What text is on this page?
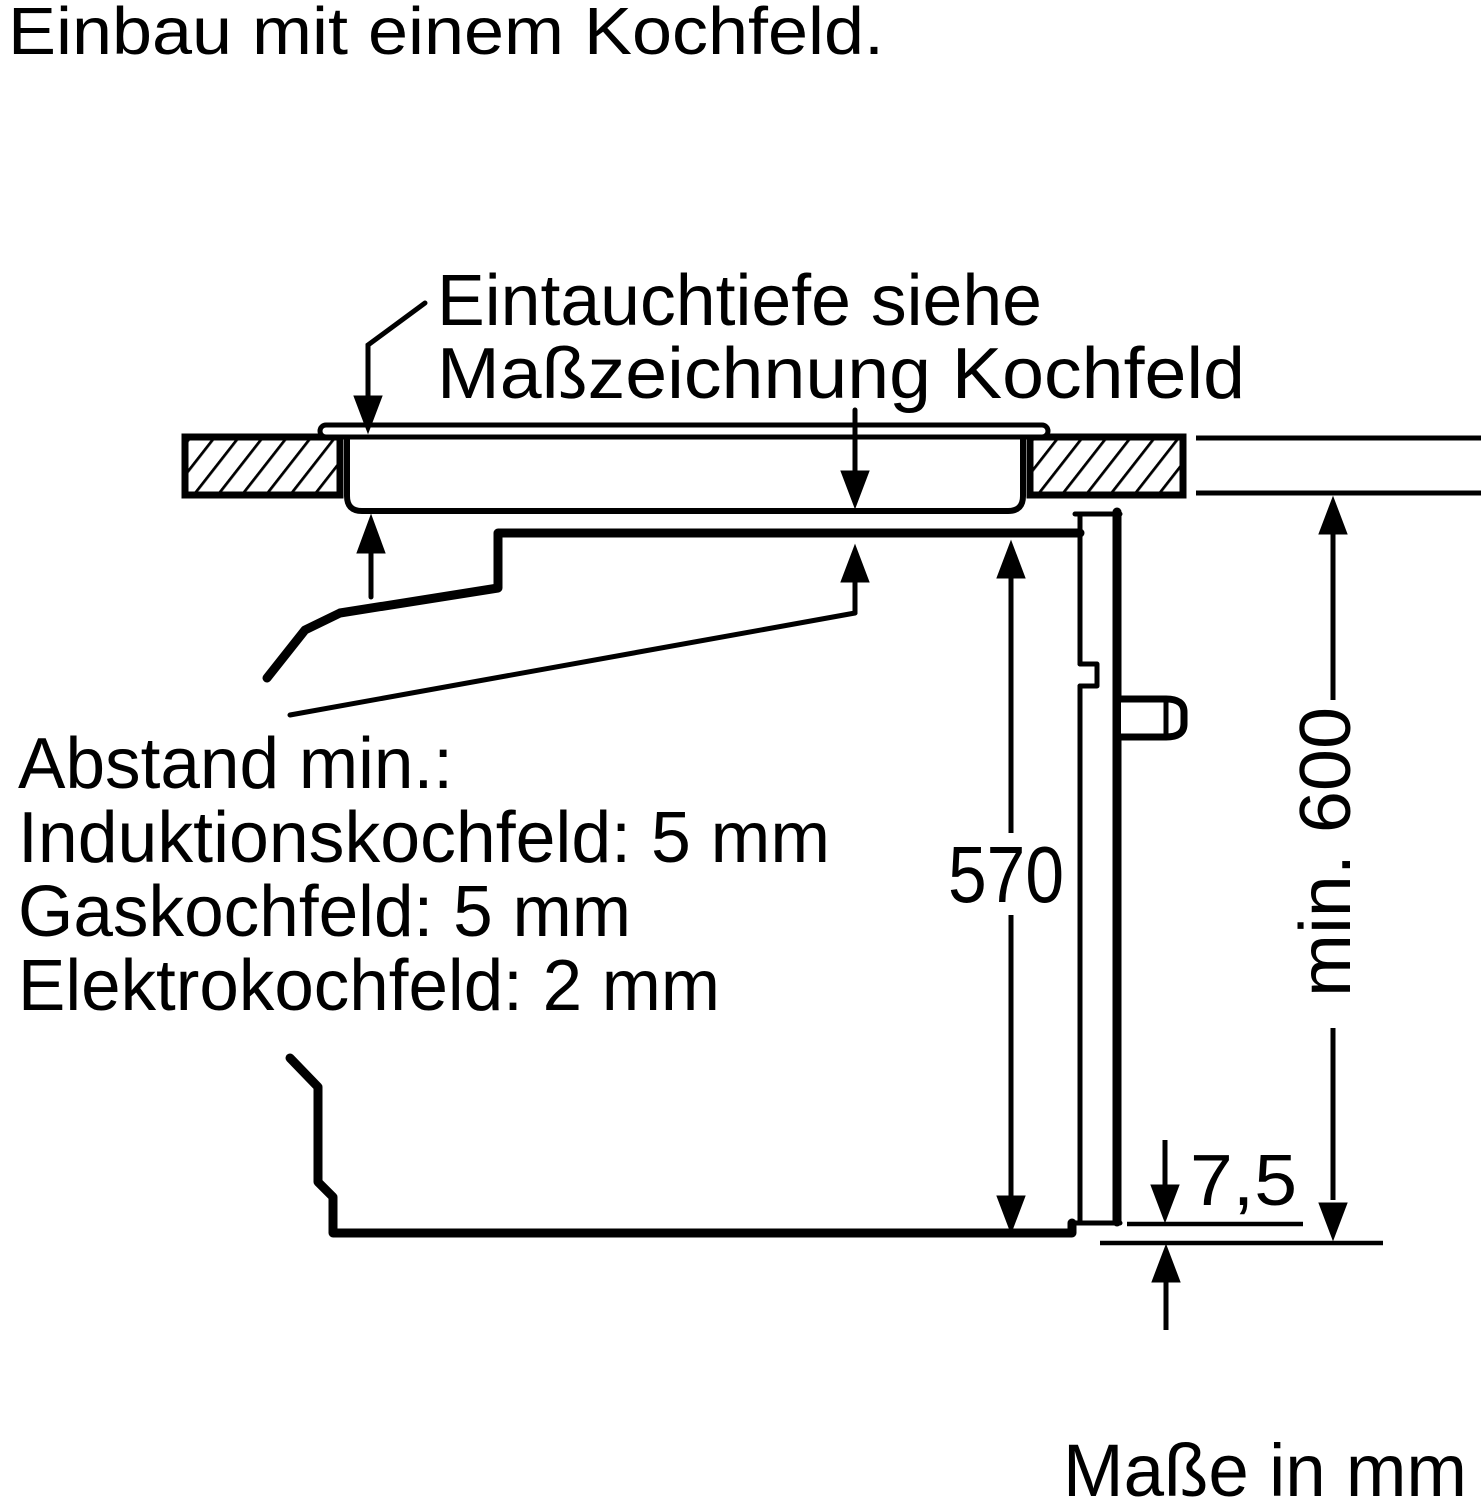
Einbau mit einem Kochfeld.
Eintauchtiefe siehe
Maßzeichnung Kochfeld
Abstand min.:
Induktionskochfeld: 5 mm
Gaskochfeld: 5 mm
Elektrokochfeld: 2 mm
570	min. 600
7,5
Maße in mm
